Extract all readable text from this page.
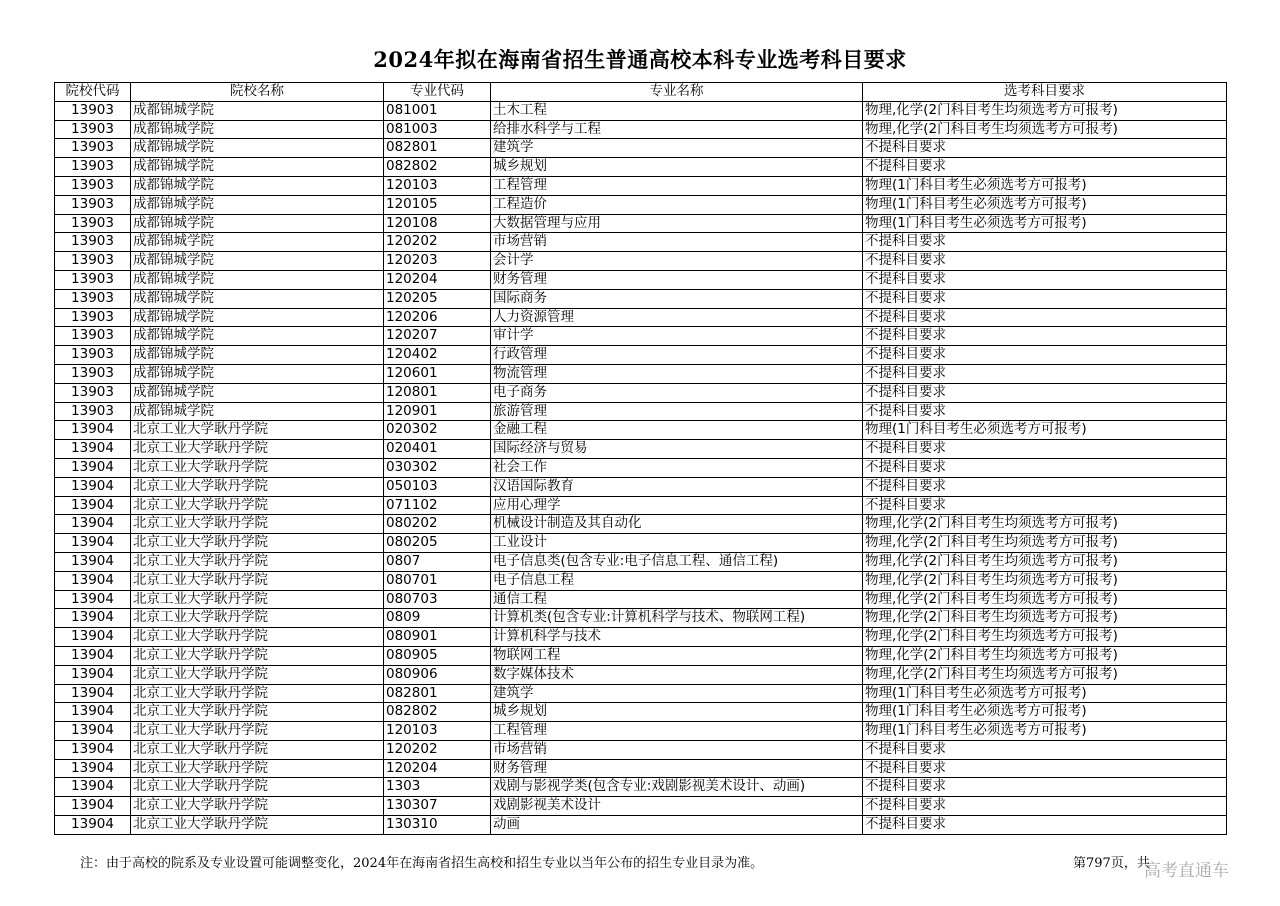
2024年拟在海南省招生普通高校本科专业选考科目要求
院校代码	院校名称	专业代码	专业名称	选考科目要求
13903	成都锦城学院	081001	土木工程	物理,化学(2门科目考生均须选考方可报考)
13903	成都锦城学院	081003	给排水科学与工程	物理,化学(2门科目考生均须选考方可报考)
13903	成都锦城学院	082801	建筑学	不提科目要求
13903	成都锦城学院	082802	城乡规划	不提科目要求
13903	成都锦城学院	120103	工程管理	物理(1门科目考生必须选考方可报考)
13903	成都锦城学院	120105	工程造价	物理(1门科目考生必须选考方可报考)
13903	成都锦城学院	120108	大数据管理与应用	物理(1门科目考生必须选考方可报考)
13903	成都锦城学院	120202	市场营销	不提科目要求
13903	成都锦城学院	120203	会计学	不提科目要求
13903	成都锦城学院	120204	财务管理	不提科目要求
13903	成都锦城学院	120205	国际商务	不提科目要求
13903	成都锦城学院	120206	人力资源管理	不提科目要求
13903	成都锦城学院	120207	审计学	不提科目要求
13903	成都锦城学院	120402	行政管理	不提科目要求
13903	成都锦城学院	120601	物流管理	不提科目要求
13903	成都锦城学院	120801	电子商务	不提科目要求
13903	成都锦城学院	120901	旅游管理	不提科目要求
13904	北京工业大学耿丹学院	020302	金融工程	物理(1门科目考生必须选考方可报考)
13904	北京工业大学耿丹学院	020401	国际经济与贸易	不提科目要求
13904	北京工业大学耿丹学院	030302	社会工作	不提科目要求
13904	北京工业大学耿丹学院	050103	汉语国际教育	不提科目要求
13904	北京工业大学耿丹学院	071102	应用心理学	不提科目要求
13904	北京工业大学耿丹学院	080202	机械设计制造及其自动化	物理,化学(2门科目考生均须选考方可报考)
13904	北京工业大学耿丹学院	080205	工业设计	物理,化学(2门科目考生均须选考方可报考)
13904	北京工业大学耿丹学院	0807	电子信息类(包含专业:电子信息工程、通信工程)	物理,化学(2门科目考生均须选考方可报考)
13904	北京工业大学耿丹学院	080701	电子信息工程	物理,化学(2门科目考生均须选考方可报考)
13904	北京工业大学耿丹学院	080703	通信工程	物理,化学(2门科目考生均须选考方可报考)
13904	北京工业大学耿丹学院	0809	计算机类(包含专业:计算机科学与技术、物联网工程)	物理,化学(2门科目考生均须选考方可报考)
13904	北京工业大学耿丹学院	080901	计算机科学与技术	物理,化学(2门科目考生均须选考方可报考)
13904	北京工业大学耿丹学院	080905	物联网工程	物理,化学(2门科目考生均须选考方可报考)
13904	北京工业大学耿丹学院	080906	数字媒体技术	物理,化学(2门科目考生均须选考方可报考)
13904	北京工业大学耿丹学院	082801	建筑学	物理(1门科目考生必须选考方可报考)
13904	北京工业大学耿丹学院	082802	城乡规划	物理(1门科目考生必须选考方可报考)
13904	北京工业大学耿丹学院	120103	工程管理	物理(1门科目考生必须选考方可报考)
13904	北京工业大学耿丹学院	120202	市场营销	不提科目要求
13904	北京工业大学耿丹学院	120204	财务管理	不提科目要求
13904	北京工业大学耿丹学院	1303	戏剧与影视学类(包含专业:戏剧影视美术设计、动画)	不提科目要求
13904	北京工业大学耿丹学院	130307	戏剧影视美术设计	不提科目要求
13904	北京工业大学耿丹学院	130310	动画	不提科目要求
注：由于高校的院系及专业设置可能调整变化，2024年在海南省招生高校和招生专业以当年公布的招生专业目录为准。	第797页，共
高考直通车
